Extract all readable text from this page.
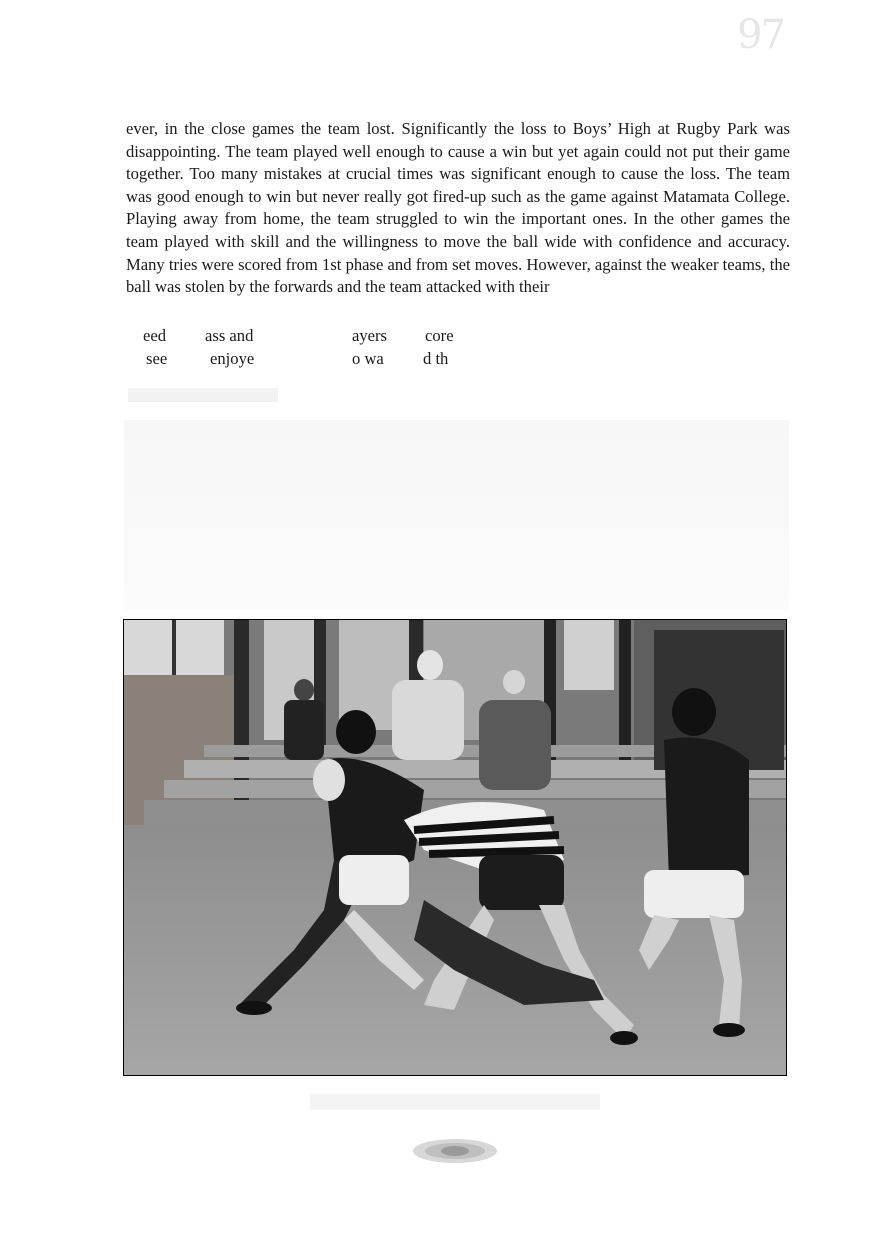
97

ever, in the close games the team lost. Significantly the loss to Boys’ High at Rugby Park was disappointing. The team played well enough to cause a win but yet again could not put their game together. Too many mistakes at crucial times was significant enough to cause the loss. The team was good enough to win but never really got fired-up such as the game against Matamata College. Playing away from home, the team struggled to win the important ones. In the other games the team played with skill and the willingness to move the ball wide with confidence and accuracy. Many tries were scored from 1st phase and from set moves. However, against the weaker teams, the ball was stolen by the forwards and the team attacked with their

eed ass and	ayers core
see	enjoye	o wa d th
